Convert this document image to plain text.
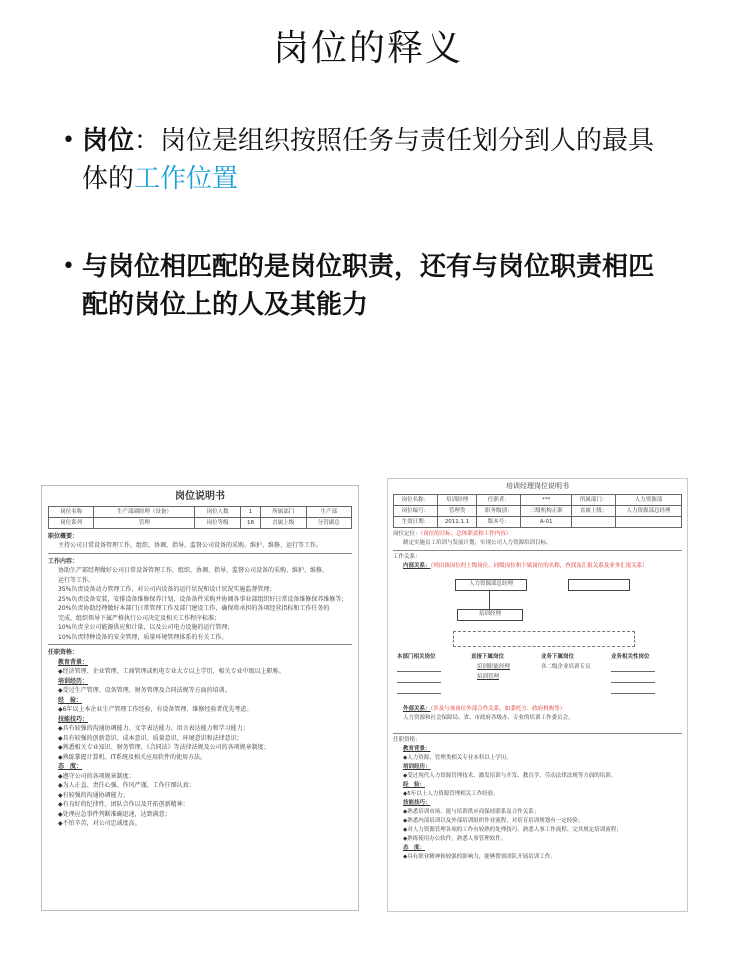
岗位的释义
• 岗位：岗位是组织按照任务与责任划分到人的最具体的工作位置
• 与岗位相匹配的是岗位职责，还有与岗位职责相匹配的岗位上的人及其能力
岗位说明书
岗位名称	生产部副经理（设备）	岗位人数	1	所属部门	生产部
岗位系列	管理	岗位等级	18	直属上级	分管副总
职位概要：
主持公司日常设备管理工作，组织、协调、指导、监督公司设备的采购、维护、维修、运行等工作。
工作内容：
协助生产部经理做好公司日常设备管理工作，组织、协调、指导、监督公司设备的采购、维护、维修、
运行等工作。
35%负责设备动力管理工作，对公司内设备的运行状况和设计状况实施监督管理；
25%负责设备安装，安排设备维修保养计划，设备备件采购并协调各事业部组织好日常设备维修保养维修等；
20%负责协助经理做好本部门日常管理工作及部门建设工作，确保将承担的各项经营指标和工作任务的
完成，组织领导下属严格执行公司决定及相关工作程序标准；
10%负责全公司能源供应和计量，以及公司电力设施的运行管理；
10%负责特种设备的安全管理，质量环境管理体系的有关工作。
任职资格：
教育背景：
◆经济管理、企业管理、工商管理或机电专业大专以上学历，相关专业中级以上职称。
培训经历：
◆受过生产管理、设备管理、财务管理及合同法规等方面的培训。
经　验：
◆6年以上本企业生产管理工作经验，有设备管理、维修经验者优先考虑。
技能技巧：
◆具有较强的沟通协调能力、文字表达能力、语言表达能力和学习能力；
◆具有较强的创新意识、成本意识、质量意识、环境意识和法律意识；
◆熟悉相关专业知识、财务管理、《合同法》等法律法规及公司的各项规章制度；
◆熟练掌握计算机、IT系统及相关应用软件的使用方法。
态　度：
◆遵守公司的各项规章制度；
◆为人正直、责任心强、作风严谨、工作仔细认真；
◆有较强的沟通协调能力；
◆有良好的纪律性、团队合作以及开拓创新精神；
◆处理应急事件判断准确迅速，达到满意；
◆不怕辛苦，对公司忠诚度高。
培训经理岗位说明书
岗位名称：	培训经理	任职者：	***	所属部门：	人力资源部
岗位编号：	管理类	职务级别：	三级机构正职	直属上级：	人力资源部总经理
生效日期：	2011.1.1	版本号：	A-01		
岗位定位：（岗位的目标、总体职责和工作内容）
制定实施员工培训与发展计划，实现公司人力资源培训目标。
工作关系：
内部关系：（列出该岗位的上级岗位、同级岗位和下属岗位的名称，查找及汇报关系及业务汇报关系）
人力资源部总经理
培训经理
本部门相关岗位	直接下属岗位	业务下属岗位	业务相关性岗位
培训职能经理
培训管理
各二级企业培训专员

外部关系：（涉及与该岗位外部合作关系，如委托方、政府机构等）
人力资源和社会保障局、省、市政府各级办、专业的培训工作委员会。
任职资格：
教育背景：
◆人力资源、管理类相关专业本科以上学历。
培训经历：
◆受过现代人力资源管理技术、激发培训与开发、教育学、劳动法律法规等方面的培训。
经　验：
◆5年以上人力资源管理相关工作经验。
技能技巧：
◆熟悉培训市场、能与培训供应商保持联系及合作关系；
◆熟悉内部培训以及外部培训组织作业流程，对培育培训规划有一定经验；
◆对人力资源管理各项的工作有较熟的处理技巧，熟悉人事工作流程、完其规定培训流程；
◆熟练使用办公软件，熟悉人事管理软件。
态　度：
◆具有职业精神和较强的影响力，能够帮领团队开展培训工作。
